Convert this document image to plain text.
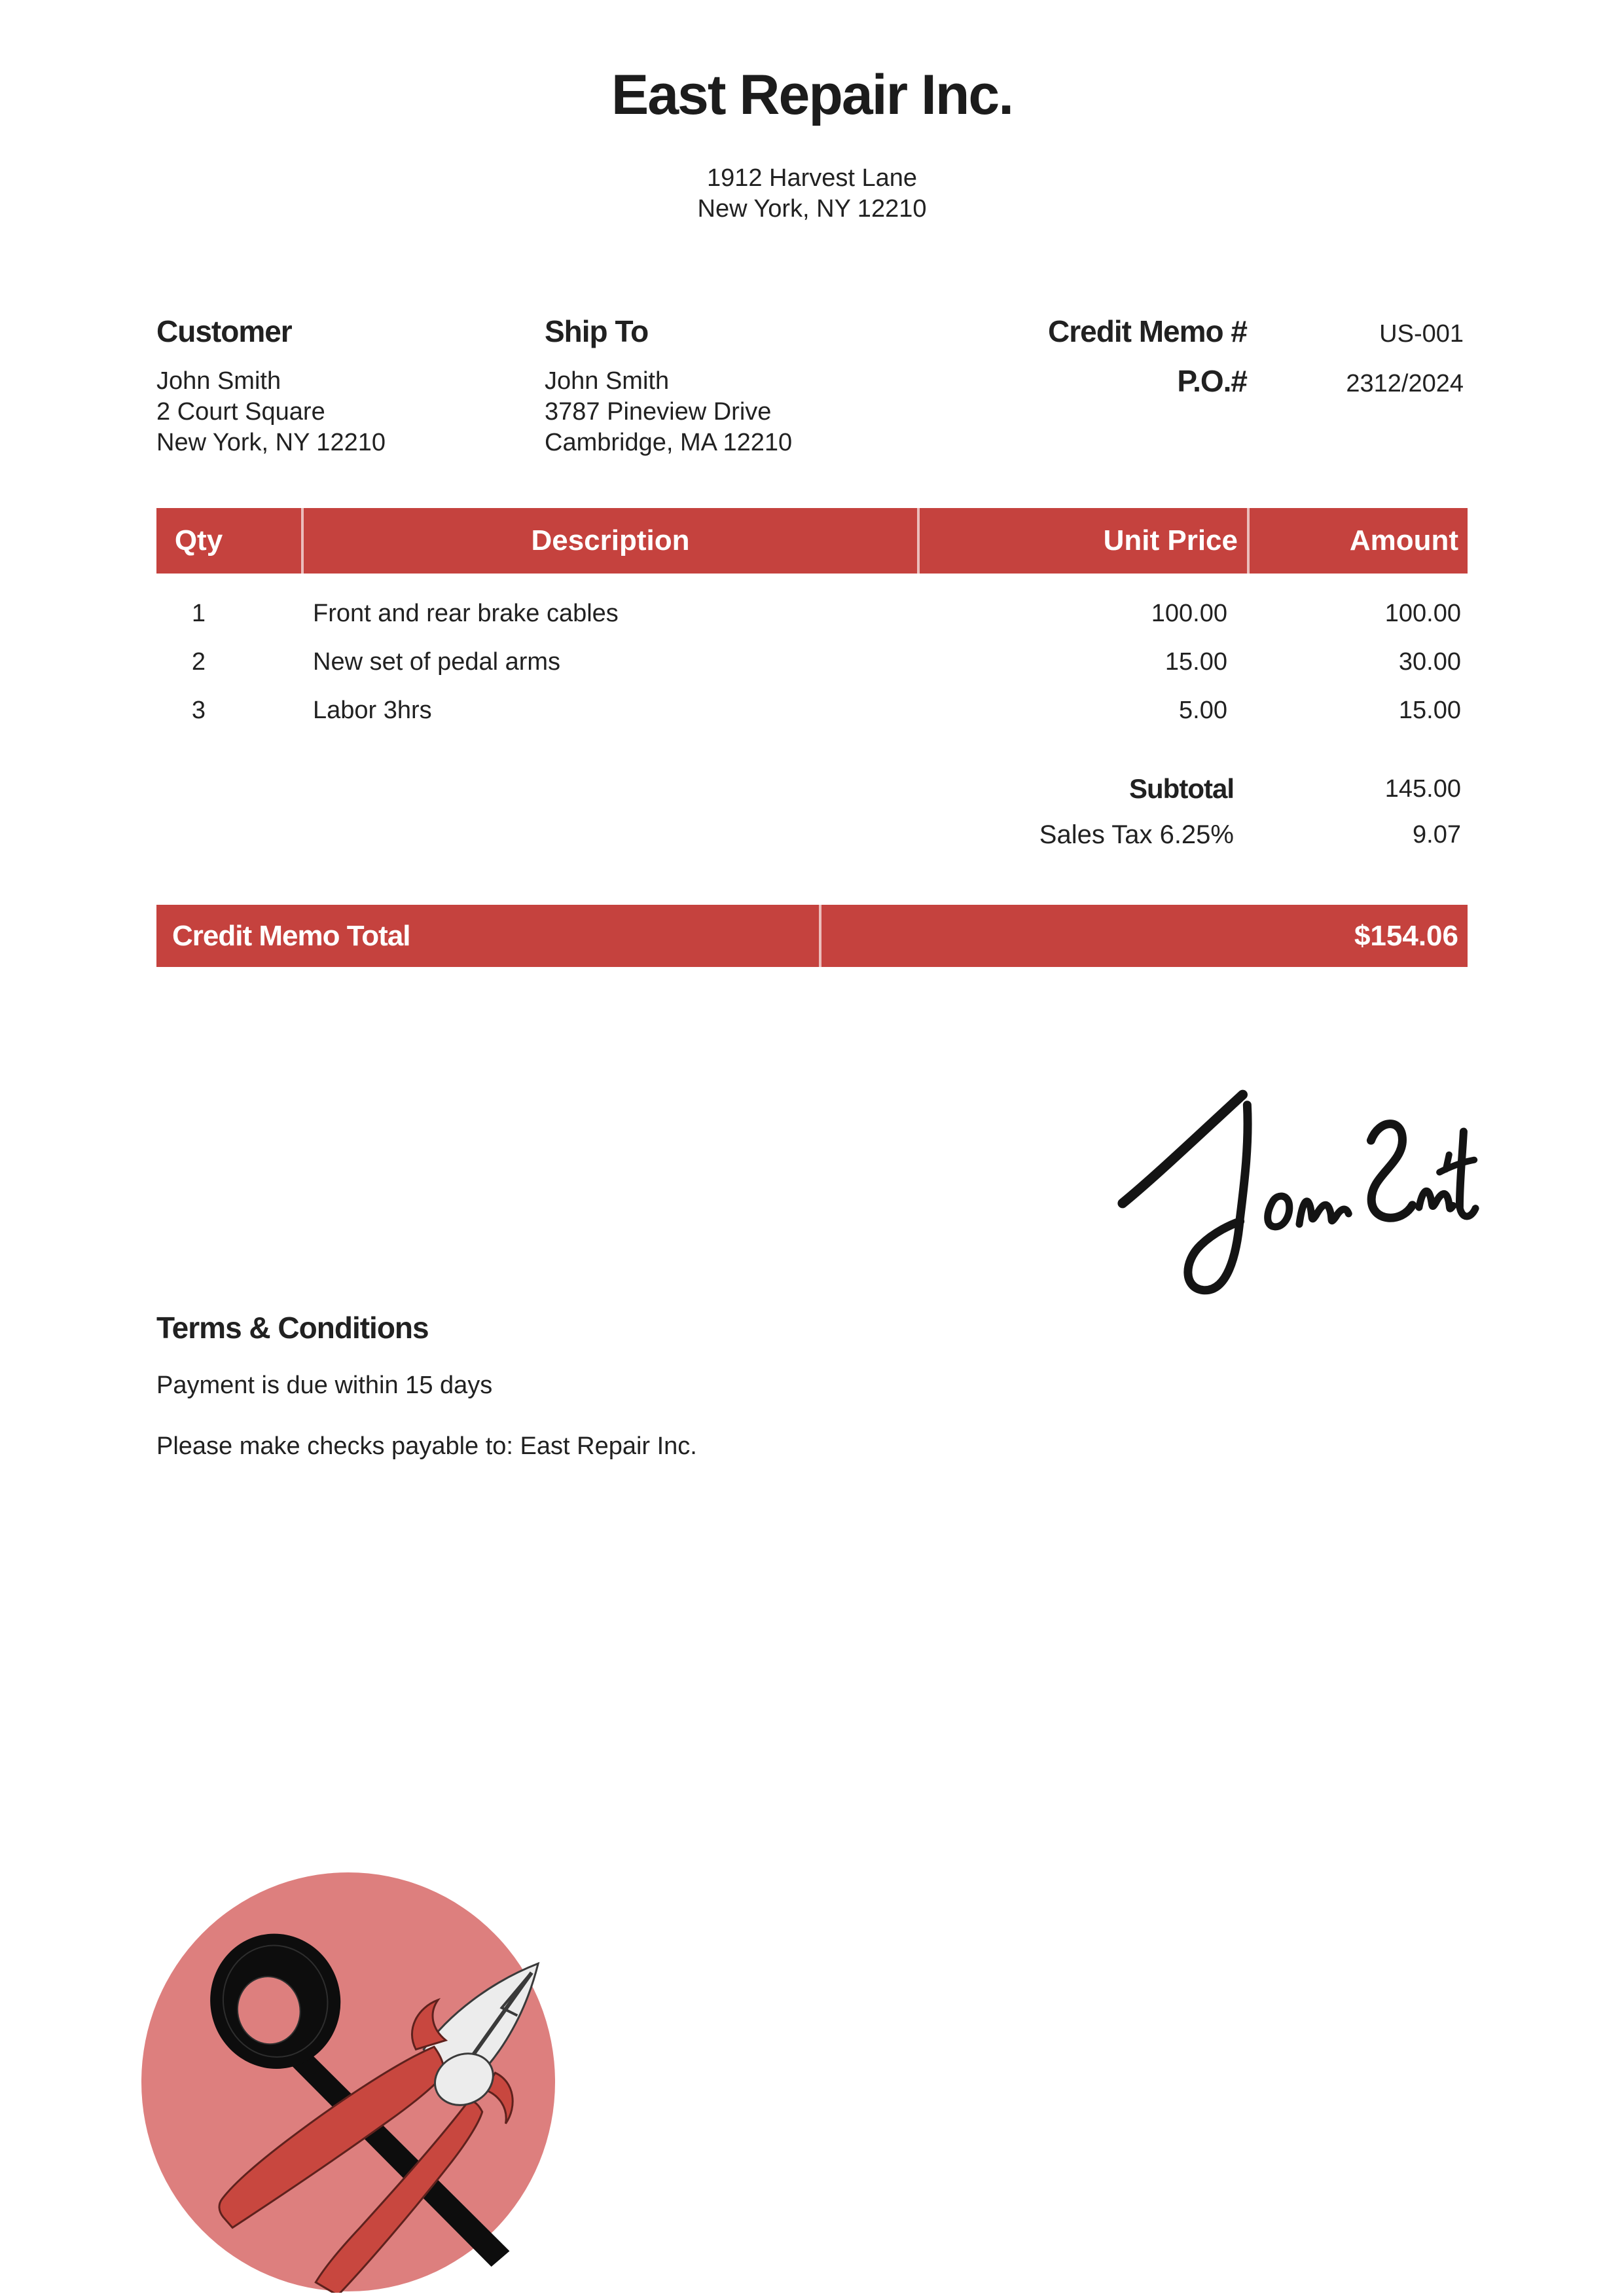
East Repair Inc.
1912 Harvest Lane
New York, NY 12210
Customer
John Smith
2 Court Square
New York, NY 12210
Ship To
John Smith
3787 Pineview Drive
Cambridge, MA 12210
Credit Memo #	US-001
P.O.#	2312/2024
Qty	Description	Unit Price	Amount
1	Front and rear brake cables	100.00	100.00
2	New set of pedal arms	15.00	30.00
3	Labor 3hrs	5.00	15.00
Subtotal	145.00
Sales Tax 6.25%	9.07
Credit Memo Total	$154.06
Terms & Conditions
Payment is due within 15 days
Please make checks payable to: East Repair Inc.
